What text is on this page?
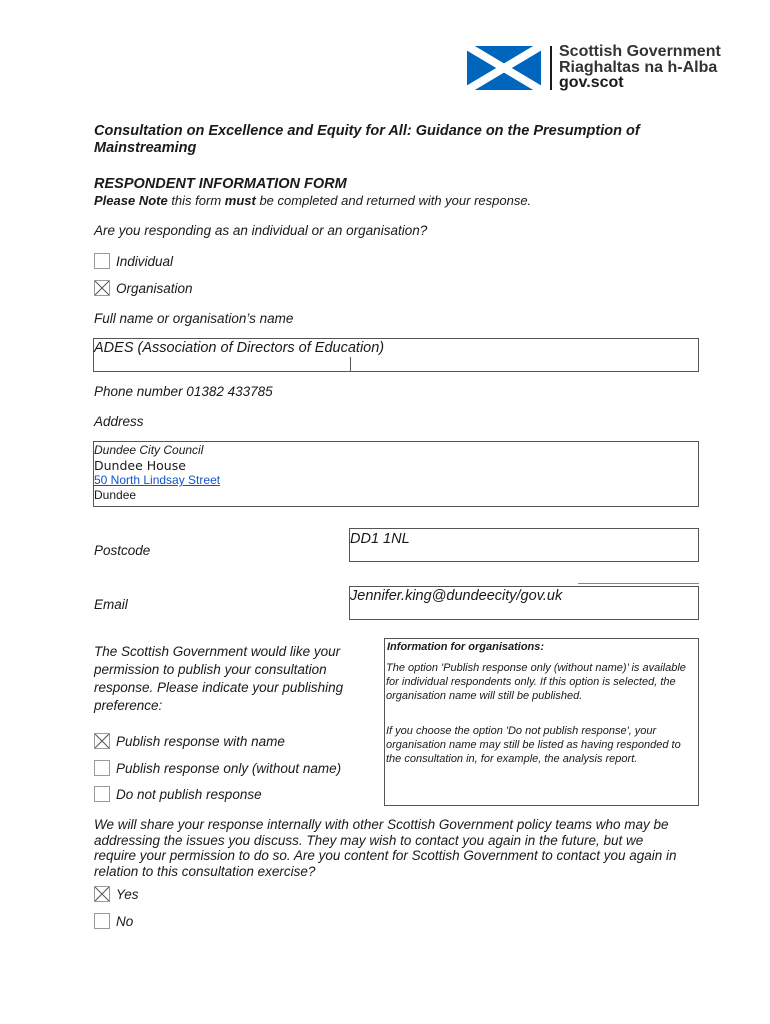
Scottish Government
Riaghaltas na h-Alba
gov.scot
Consultation on Excellence and Equity for All: Guidance on the Presumption of Mainstreaming
RESPONDENT INFORMATION FORM
Please Note this form must be completed and returned with your response.
Are you responding as an individual or an organisation?
Individual
Organisation
Full name or organisation’s name
ADES (Association of Directors of Education)
Phone number 01382 433785
Address
Dundee City Council
Dundee House
50 North Lindsay Street
Dundee
Postcode
DD1 1NL
Email
Jennifer.king@dundeecity/gov.uk
The Scottish Government would like your permission to publish your consultation response. Please indicate your publishing preference:
Publish response with name
Publish response only (without name)
Do not publish response
Information for organisations:
The option 'Publish response only (without name)’ is available for individual respondents only. If this option is selected, the organisation name will still be published.
If you choose the option 'Do not publish response', your organisation name may still be listed as having responded to the consultation in, for example, the analysis report.
We will share your response internally with other Scottish Government policy teams who may be addressing the issues you discuss. They may wish to contact you again in the future, but we require your permission to do so. Are you content for Scottish Government to contact you again in relation to this consultation exercise?
Yes
No
